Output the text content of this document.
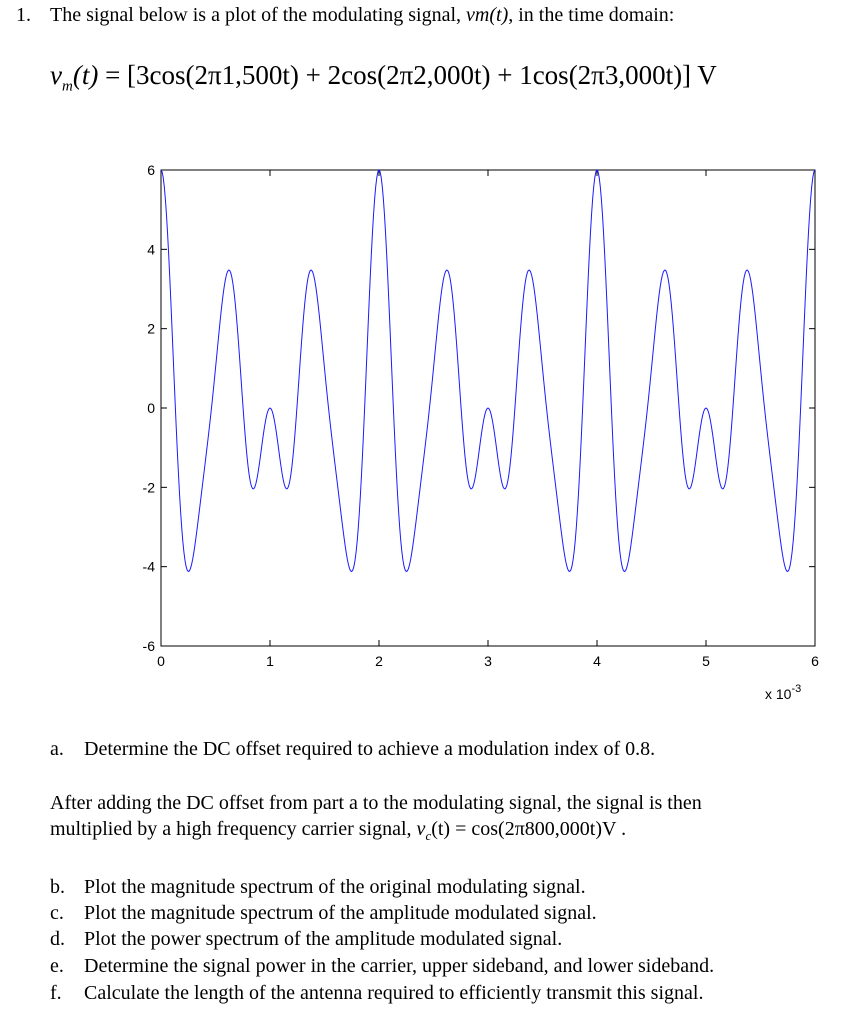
1. The signal below is a plot of the modulating signal, vm(t), in the time domain:
$v_m(t) = [3\cos(2\pi 1,500t) + 2\cos(2\pi 2,000t) + 1\cos(2\pi 3,000t)]$ V
6
4
2
0
-2
-4
-6
0	1	2	3	4	5	6
x $10^{-3}$
a. Determine the DC offset required to achieve a modulation index of 0.8.
After adding the DC offset from part a to the modulating signal, the signal is then
multiplied by a high frequency carrier signal, $v_c(t) = \cos(2\pi 800,000t)V$ .
b. Plot the magnitude spectrum of the original modulating signal.
c. Plot the magnitude spectrum of the amplitude modulated signal.
d. Plot the power spectrum of the amplitude modulated signal.
e. Determine the signal power in the carrier, upper sideband, and lower sideband.
f. Calculate the length of the antenna required to efficiently transmit this signal.
